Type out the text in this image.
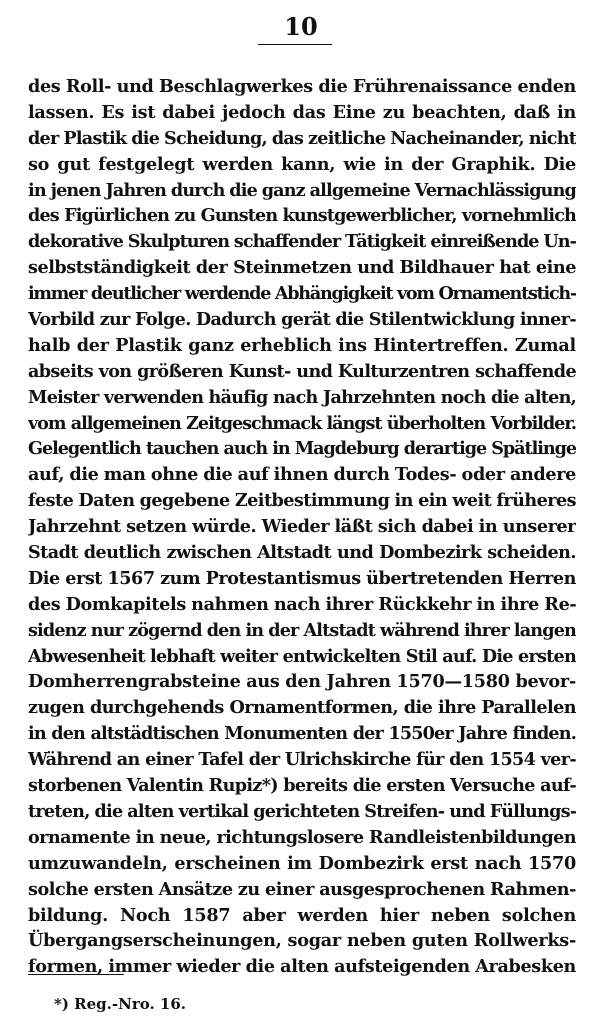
10
des Roll- und Beschlagwerkes die Frührenaissance enden
lassen. Es ist dabei jedoch das Eine zu beachten, daß in
der Plastik die Scheidung, das zeitliche Nacheinander, nicht
so gut festgelegt werden kann, wie in der Graphik. Die
in jenen Jahren durch die ganz allgemeine Vernachlässigung
des Figürlichen zu Gunsten kunstgewerblicher, vornehmlich
dekorative Skulpturen schaffender Tätigkeit einreißende Un-
selbstständigkeit der Steinmetzen und Bildhauer hat eine
immer deutlicher werdende Abhängigkeit vom Ornamentstich-
Vorbild zur Folge. Dadurch gerät die Stilentwicklung inner-
halb der Plastik ganz erheblich ins Hintertreffen. Zumal
abseits von größeren Kunst- und Kulturzentren schaffende
Meister verwenden häufig nach Jahrzehnten noch die alten,
vom allgemeinen Zeitgeschmack längst überholten Vorbilder.
Gelegentlich tauchen auch in Magdeburg derartige Spätlinge
auf, die man ohne die auf ihnen durch Todes- oder andere
feste Daten gegebene Zeitbestimmung in ein weit früheres
Jahrzehnt setzen würde. Wieder läßt sich dabei in unserer
Stadt deutlich zwischen Altstadt und Dombezirk scheiden.
Die erst 1567 zum Protestantismus übertretenden Herren
des Domkapitels nahmen nach ihrer Rückkehr in ihre Re-
sidenz nur zögernd den in der Altstadt während ihrer langen
Abwesenheit lebhaft weiter entwickelten Stil auf. Die ersten
Domherrengrabsteine aus den Jahren 1570—1580 bevor-
zugen durchgehends Ornamentformen, die ihre Parallelen
in den altstädtischen Monumenten der 1550er Jahre finden.
Während an einer Tafel der Ulrichskirche für den 1554 ver-
storbenen Valentin Rupiz*) bereits die ersten Versuche auf-
treten, die alten vertikal gerichteten Streifen- und Füllungs-
ornamente in neue, richtungslosere Randleistenbildungen
umzuwandeln, erscheinen im Dombezirk erst nach 1570
solche ersten Ansätze zu einer ausgesprochenen Rahmen-
bildung. Noch 1587 aber werden hier neben solchen
Übergangserscheinungen, sogar neben guten Rollwerks-
formen, immer wieder die alten aufsteigenden Arabesken
*) Reg.-Nro. 16.
